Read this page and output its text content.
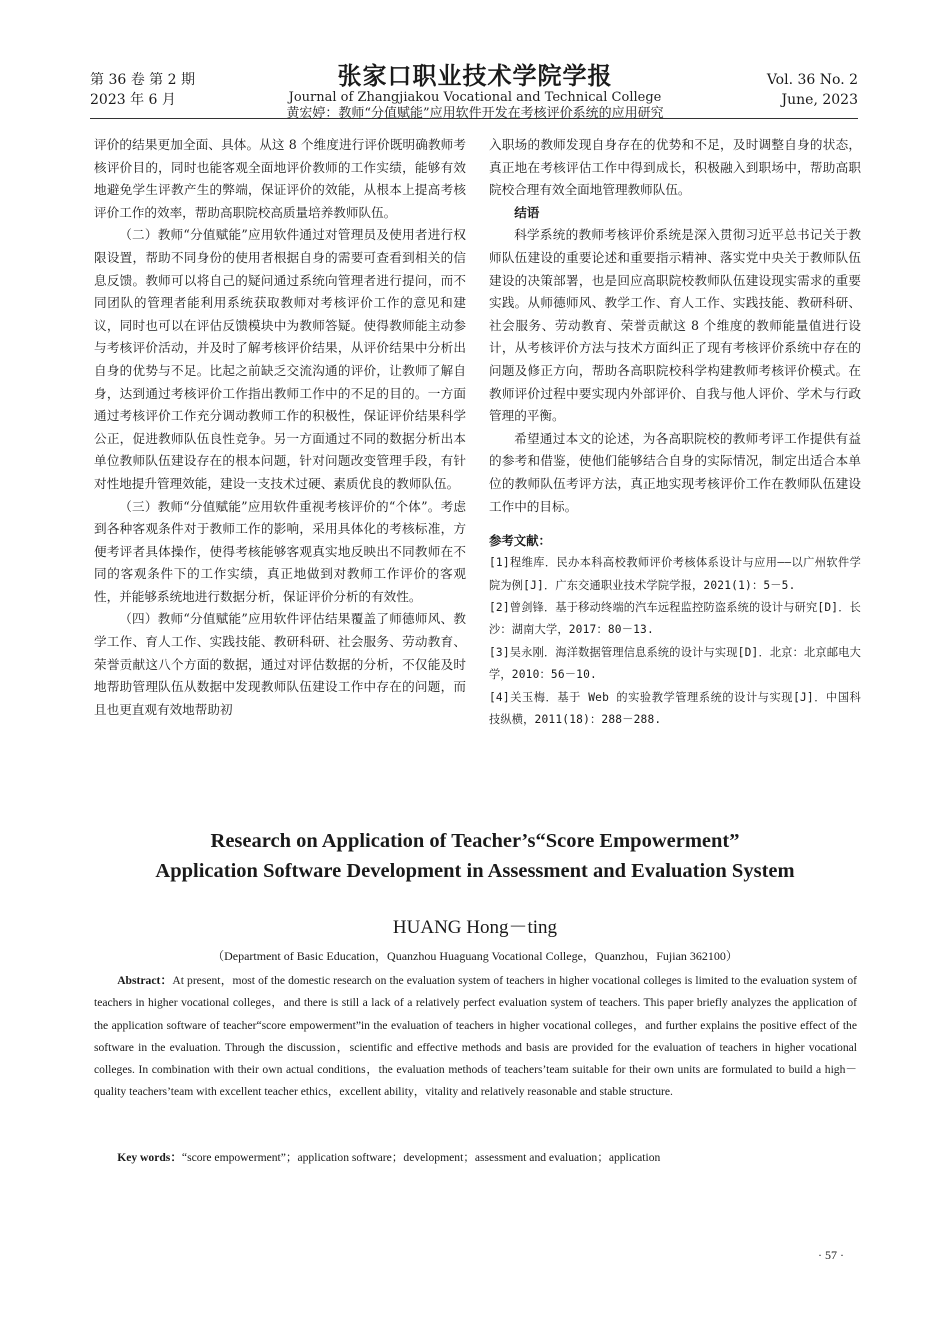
第 36 卷 第 2 期
2023 年 6 月
张家口职业技术学院学报
Journal of Zhangjiakou Vocational and Technical College
黄宏婷：教师“分值赋能”应用软件开发在考核评价系统的应用研究
Vol. 36 No. 2
June, 2023

评价的结果更加全面、具体。从这 8 个维度进行评价既明确教师考核评价目的，同时也能客观全面地评价教师的工作实绩，能够有效地避免学生评教产生的弊端，保证评价的效能，从根本上提高考核评价工作的效率，帮助高职院校高质量培养教师队伍。

（二）教师“分值赋能”应用软件通过对管理员及使用者进行权限设置，帮助不同身份的使用者根据自身的需要可查看到相关的信息反馈。教师可以将自己的疑问通过系统向管理者进行提问，而不同团队的管理者能利用系统获取教师对考核评价工作的意见和建议，同时也可以在评估反馈模块中为教师答疑。使得教师能主动参与考核评价活动，并及时了解考核评价结果，从评价结果中分析出自身的优势与不足。比起之前缺乏交流沟通的评价，让教师了解自身，达到通过考核评价工作指出教师工作中的不足的目的。一方面通过考核评价工作充分调动教师工作的积极性，保证评价结果科学公正，促进教师队伍良性竞争。另一方面通过不同的数据分析出本单位教师队伍建设存在的根本问题，针对问题改变管理手段，有针对性地提升管理效能，建设一支技术过硬、素质优良的教师队伍。

（三）教师“分值赋能”应用软件重视考核评价的“个体”。考虑到各种客观条件对于教师工作的影响，采用具体化的考核标准，方便考评者具体操作，使得考核能够客观真实地反映出不同教师在不同的客观条件下的工作实绩，真正地做到对教师工作评价的客观性，并能够系统地进行数据分析，保证评价分析的有效性。

（四）教师“分值赋能”应用软件评估结果覆盖了师德师风、教学工作、育人工作、实践技能、教研科研、社会服务、劳动教育、荣誉贡献这八个方面的数据，通过对评估数据的分析，不仅能及时地帮助管理队伍从数据中发现教师队伍建设工作中存在的问题，而且也更直观有效地帮助初

入职场的教师发现自身存在的优势和不足，及时调整自身的状态，真正地在考核评估工作中得到成长，积极融入到职场中，帮助高职院校合理有效全面地管理教师队伍。

结语

科学系统的教师考核评价系统是深入贯彻习近平总书记关于教师队伍建设的重要论述和重要指示精神、落实党中央关于教师队伍建设的决策部署，也是回应高职院校教师队伍建设现实需求的重要实践。从师德师风、教学工作、育人工作、实践技能、教研科研、社会服务、劳动教育、荣誉贡献这 8 个维度的教师能量值进行设计，从考核评价方法与技术方面纠正了现有考核评价系统中存在的问题及修正方向，帮助各高职院校科学构建教师考核评价模式。在教师评价过程中要实现内外部评价、自我与他人评价、学术与行政管理的平衡。

希望通过本文的论述，为各高职院校的教师考评工作提供有益的参考和借鉴，使他们能够结合自身的实际情况，制定出适合本单位的教师队伍考评方法，真正地实现考核评价工作在教师队伍建设工作中的目标。

参考文献：

[1]程维库．民办本科高校教师评价考核体系设计与应用——以广州软件学院为例[J]．广东交通职业技术学院学报，2021(1)：5－5.
[2]曾剑锋．基于移动终端的汽车远程监控防盗系统的设计与研究[D]．长沙：湖南大学，2017：80－13.
[3]吴永刚．海洋数据管理信息系统的设计与实现[D]．北京：北京邮电大学，2010：56－10.
[4]关玉梅．基于 Web 的实验教学管理系统的设计与实现[J]．中国科技纵横，2011(18)：288－288.
Research on Application of Teacher’s“Score Empowerment”
Application Software Development in Assessment and Evaluation System
HUANG Hong－ting
（Department of Basic Education，Quanzhou Huaguang Vocational College，Quanzhou，Fujian 362100）

Abstract：At present，most of the domestic research on the evaluation system of teachers in higher vocational colleges is limited to the evaluation system of teachers in higher vocational colleges，and there is still a lack of a relatively perfect evaluation system of teachers. This paper briefly analyzes the application of the application software of teacher“score empowerment”in the evaluation of teachers in higher vocational colleges，and further explains the positive effect of the software in the evaluation. Through the discussion，scientific and effective methods and basis are provided for the evaluation of teachers in higher vocational colleges. In combination with their own actual conditions，the evaluation methods of teachers’team suitable for their own units are formulated to build a high－quality teachers’team with excellent teacher ethics，excellent ability，vitality and relatively reasonable and stable structure.

Key words：“score empowerment”；application software；development；assessment and evaluation；application

· 57 ·
